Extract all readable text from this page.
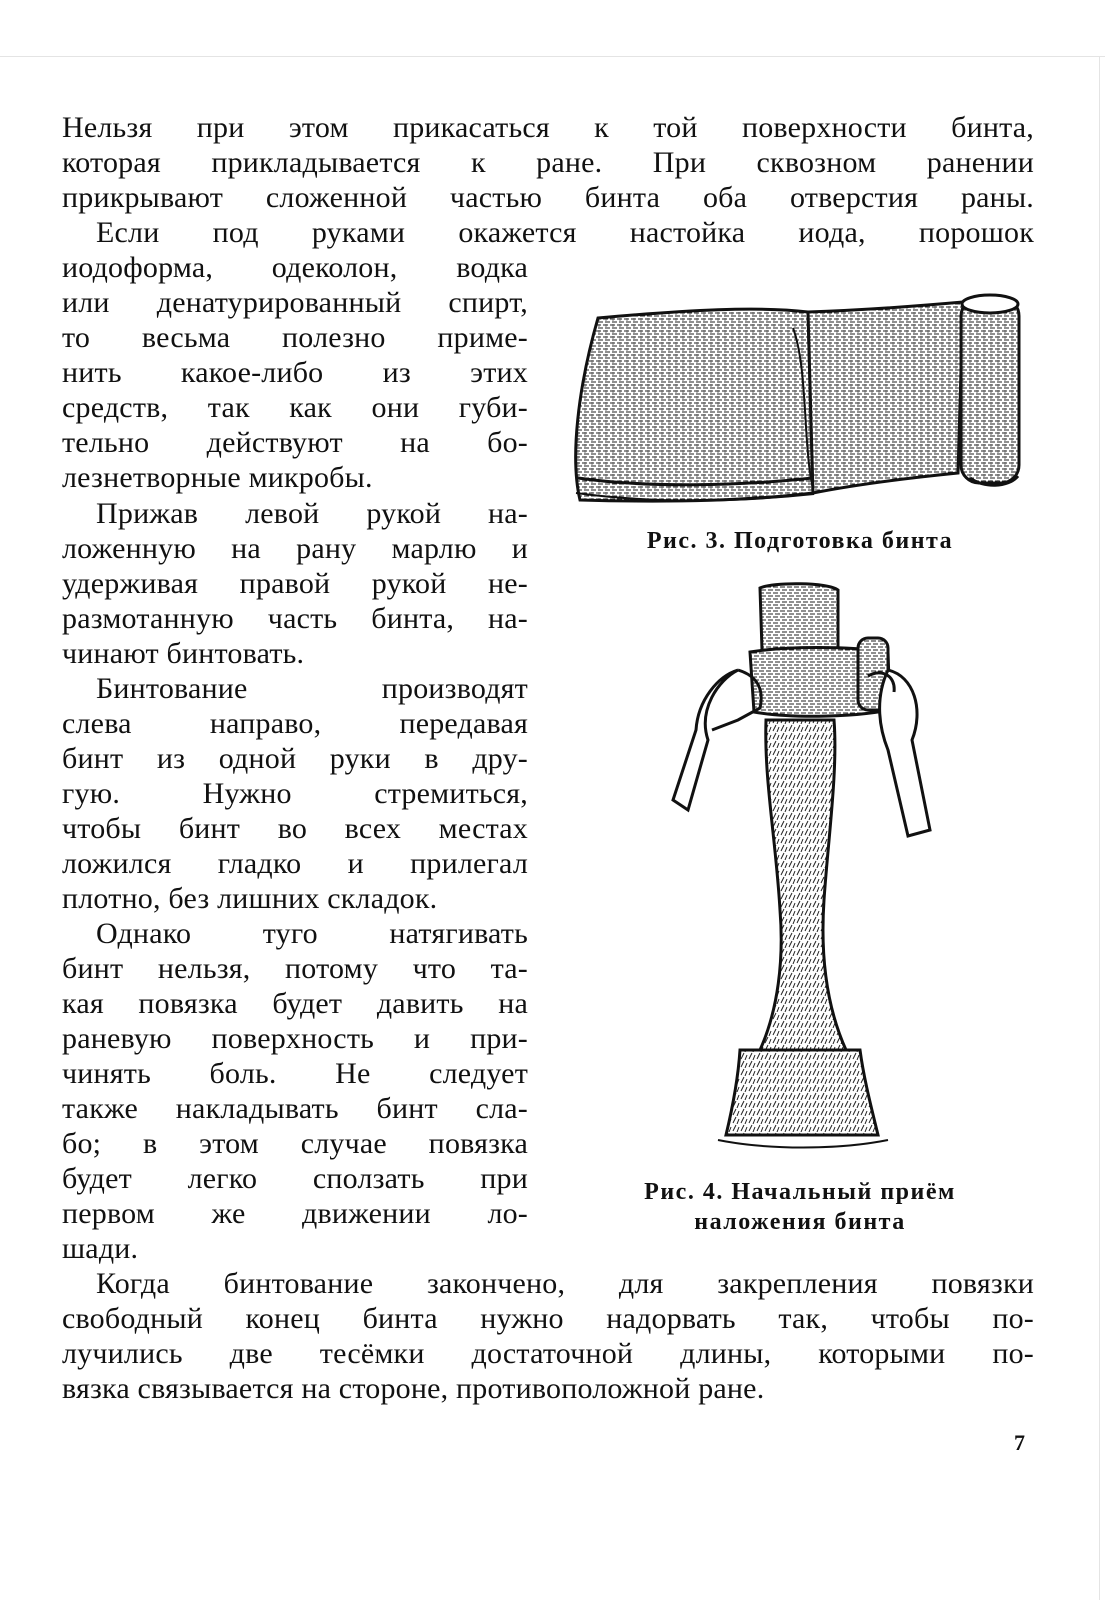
Нельзя при этом прикасаться к той поверхности бинта,
которая прикладывается к ране. При сквозном ранении
прикрывают сложенной частью бинта оба отверстия раны.
Если под руками окажется настойка иода, порошок
иодоформа, одеколон, водка
или денатурированный спирт,
то весьма полезно приме-
нить какое-либо из этих
средств, так как они губи-
тельно действуют на бо-
лезнетворные микробы.
Прижав левой рукой на-
ложенную на рану марлю и
удерживая правой рукой не-
размотанную часть бинта, на-
чинают бинтовать.
Бинтование производят
слева направо, передавая
бинт из одной руки в дру-
гую. Нужно стремиться,
чтобы бинт во всех местах
ложился гладко и прилегал
плотно, без лишних складок.
Однако туго натягивать
бинт нельзя, потому что та-
кая повязка будет давить на
раневую поверхность и при-
чинять боль. Не следует
также накладывать бинт сла-
бо; в этом случае повязка
будет легко сползать при
первом же движении ло-
шади.
Когда бинтование закончено, для закрепления повязки
свободный конец бинта нужно надорвать так, чтобы по-
лучились две тесёмки достаточной длины, которыми по-
вязка связывается на стороне, противоположной ране.
Рис. 3. Подготовка бинта
Рис. 4. Начальный приём
наложения бинта
7
